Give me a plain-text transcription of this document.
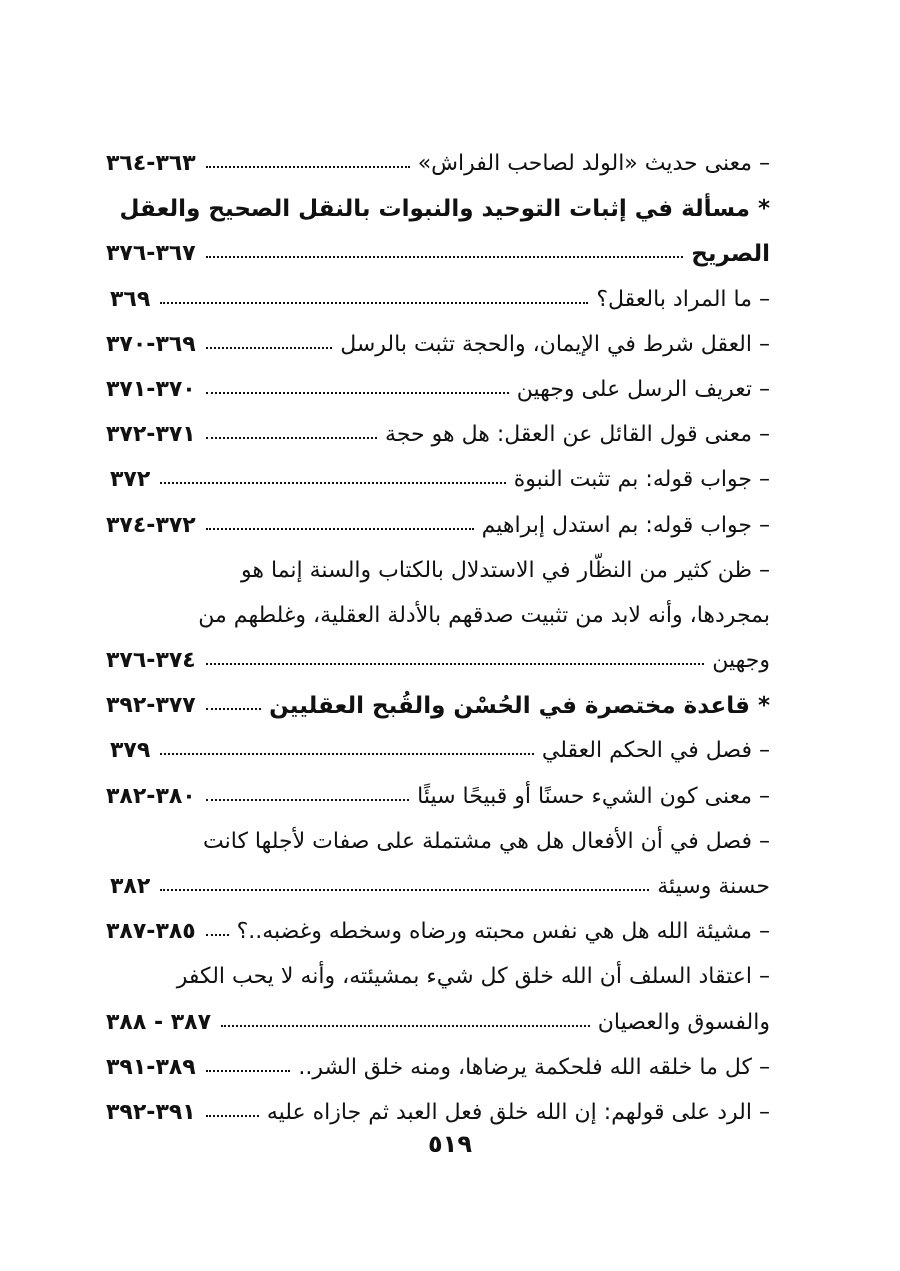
– معنى حديث «الولد لصاحب الفراش»
٣٦٣-٣٦٤
* مسألة في إثبات التوحيد والنبوات بالنقل الصحيح والعقل
الصريح
٣٦٧-٣٧٦
– ما المراد بالعقل؟
٣٦٩
– العقل شرط في الإيمان، والحجة تثبت بالرسل
٣٦٩-٣٧٠
– تعريف الرسل على وجهين
٣٧٠-٣٧١
– معنى قول القائل عن العقل: هل هو حجة
٣٧١-٣٧٢
– جواب قوله: بم تثبت النبوة
٣٧٢
– جواب قوله: بم استدل إبراهيم
٣٧٢-٣٧٤
– ظن كثير من النظّار في الاستدلال بالكتاب والسنة إنما هو
بمجردها، وأنه لابد من تثبيت صدقهم بالأدلة العقلية، وغلطهم من
وجهين
٣٧٤-٣٧٦
* قاعدة مختصرة في الحُسْن والقُبح العقليين
٣٧٧-٣٩٢
– فصل في الحكم العقلي
٣٧٩
– معنى كون الشيء حسنًا أو قبيحًا سيئًا
٣٨٠-٣٨٢
– فصل في أن الأفعال هل هي مشتملة على صفات لأجلها كانت
حسنة وسيئة
٣٨٢
– مشيئة الله هل هي نفس محبته ورضاه وسخطه وغضبه..؟
٣٨٥-٣٨٧
– اعتقاد السلف أن الله خلق كل شيء بمشيئته، وأنه لا يحب الكفر
والفسوق والعصيان
٣٨٧ - ٣٨٨
– كل ما خلقه الله فلحكمة يرضاها، ومنه خلق الشر..
٣٨٩-٣٩١
– الرد على قولهم: إن الله خلق فعل العبد ثم جازاه عليه
٣٩١-٣٩٢
٥١٩
